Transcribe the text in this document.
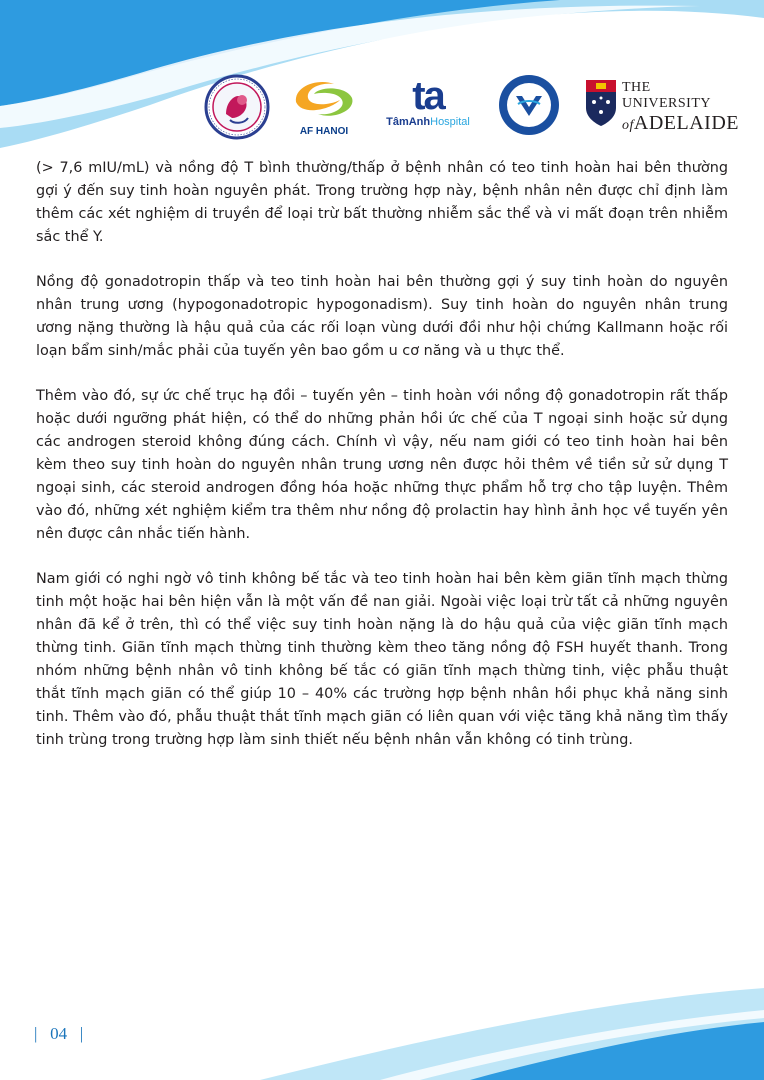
AF HANOI
ta
TâmAnhHospital
THE UNIVERSITY
ofADELAIDE

(> 7,6 mIU/mL) và nồng độ T bình thường/thấp ở bệnh nhân có teo tinh hoàn hai bên thường gợi ý đến suy tinh hoàn nguyên phát. Trong trường hợp này, bệnh nhân nên được chỉ định làm thêm các xét nghiệm di truyền để loại trừ bất thường nhiễm sắc thể và vi mất đoạn trên nhiễm sắc thể Y.

Nồng độ gonadotropin thấp và teo tinh hoàn hai bên thường gợi ý suy tinh hoàn do nguyên nhân trung ương (hypogonadotropic hypogonadism). Suy tinh hoàn do nguyên nhân trung ương nặng thường là hậu quả của các rối loạn vùng dưới đồi như hội chứng Kallmann hoặc rối loạn bẩm sinh/mắc phải của tuyến yên bao gồm u cơ năng và u thực thể.

Thêm vào đó, sự ức chế trục hạ đồi – tuyến yên – tinh hoàn với nồng độ gonadotropin rất thấp hoặc dưới ngưỡng phát hiện, có thể do những phản hồi ức chế của T ngoại sinh hoặc sử dụng các androgen steroid không đúng cách. Chính vì vậy, nếu nam giới có teo tinh hoàn hai bên kèm theo suy tinh hoàn do nguyên nhân trung ương nên được hỏi thêm về tiền sử sử dụng T ngoại sinh, các steroid androgen đồng hóa hoặc những thực phẩm hỗ trợ cho tập luyện. Thêm vào đó, những xét nghiệm kiểm tra thêm như nồng độ prolactin hay hình ảnh học về tuyến yên nên được cân nhắc tiến hành.

Nam giới có nghi ngờ vô tinh không bế tắc và teo tinh hoàn hai bên kèm giãn tĩnh mạch thừng tinh một hoặc hai bên hiện vẫn là một vấn đề nan giải. Ngoài việc loại trừ tất cả những nguyên nhân đã kể ở trên, thì có thể việc suy tinh hoàn nặng là do hậu quả của việc giãn tĩnh mạch thừng tinh. Giãn tĩnh mạch thừng tinh thường kèm theo tăng nồng độ FSH huyết thanh. Trong nhóm những bệnh nhân vô tinh không bế tắc có giãn tĩnh mạch thừng tinh, việc phẫu thuật thắt tĩnh mạch giãn có thể giúp 10 – 40% các trường hợp bệnh nhân hồi phục khả năng sinh tinh. Thêm vào đó, phẫu thuật thắt tĩnh mạch giãn có liên quan với việc tăng khả năng tìm thấy tinh trùng trong trường hợp làm sinh thiết nếu bệnh nhân vẫn không có tinh trùng.

| 04 |
